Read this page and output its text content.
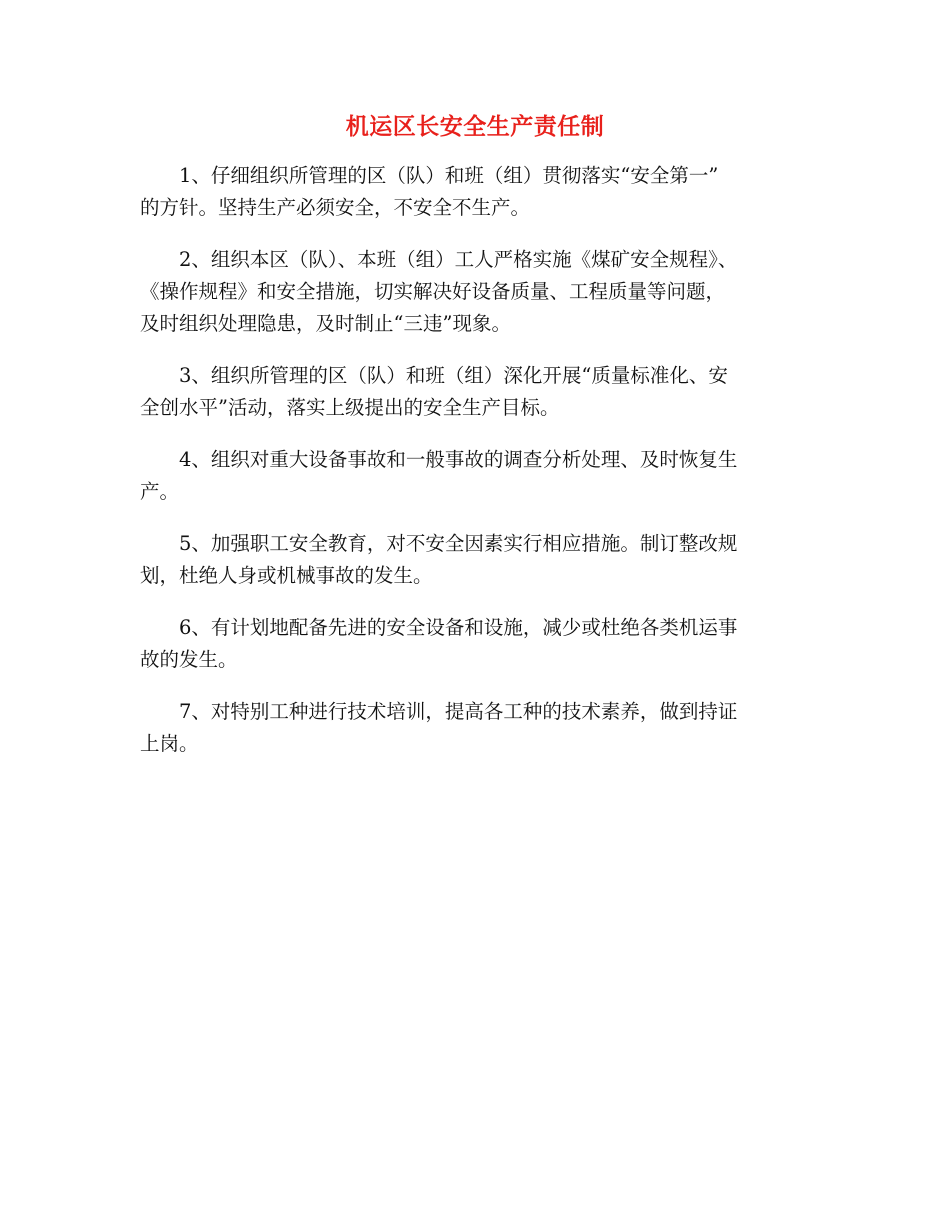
机运区长安全生产责任制

1、仔细组织所管理的区（队）和班（组）贯彻落实“安全第一”
的方针。坚持生产必须安全，不安全不生产。

2、组织本区（队）、本班（组）工人严格实施《煤矿安全规程》、
《操作规程》和安全措施，切实解决好设备质量、工程质量等问题，
及时组织处理隐患，及时制止“三违”现象。

3、组织所管理的区（队）和班（组）深化开展“质量标准化、安
全创水平”活动，落实上级提出的安全生产目标。

4、组织对重大设备事故和一般事故的调查分析处理、及时恢复生
产。

5、加强职工安全教育，对不安全因素实行相应措施。制订整改规
划，杜绝人身或机械事故的发生。

6、有计划地配备先进的安全设备和设施，减少或杜绝各类机运事
故的发生。

7、对特别工种进行技术培训，提高各工种的技术素养，做到持证
上岗。
